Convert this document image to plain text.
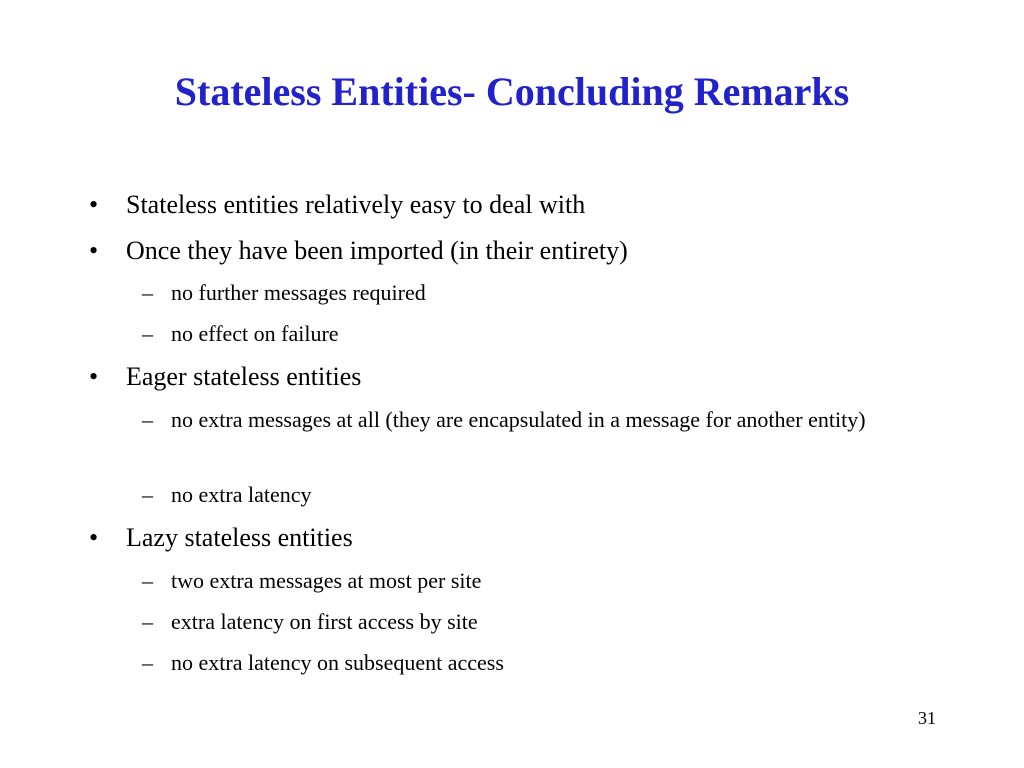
Stateless Entities- Concluding Remarks
• Stateless entities relatively easy to deal with
• Once they have been imported (in their entirety)
– no further messages required
– no effect on failure
• Eager stateless entities
– no extra messages at all (they are encapsulated in a message for another entity)
– no extra latency
• Lazy stateless entities
– two extra messages at most per site
– extra latency on first access by site
– no extra latency on subsequent access
31
